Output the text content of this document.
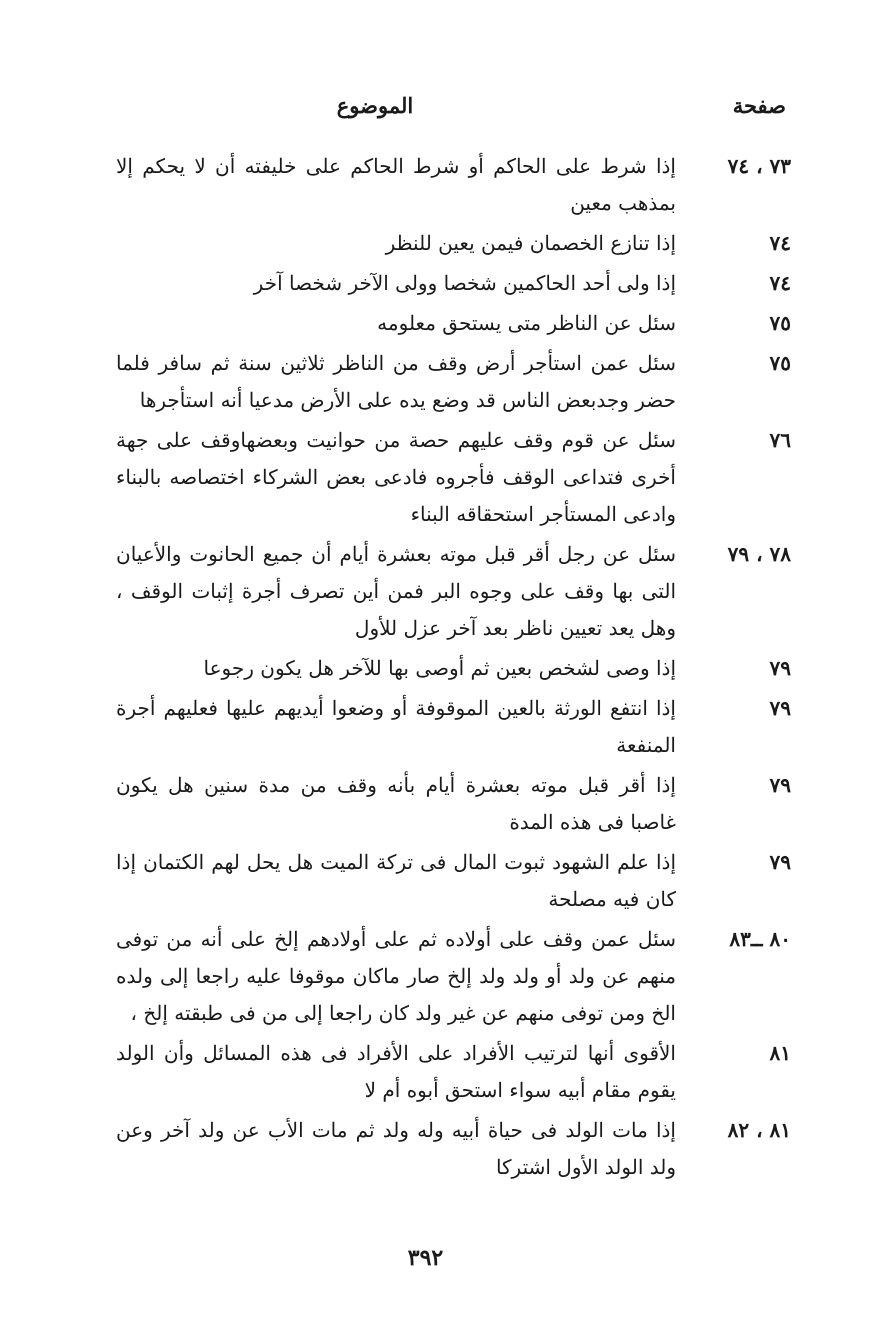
صفحة
الموضوع
٧٣ ، ٧٤
إذا شرط على الحاكم أو شرط الحاكم على خليفته أن لا يحكم إلا بمذهب معين
٧٤
إذا تنازع الخصمان فيمن يعين للنظر
٧٤
إذا ولى أحد الحاكمين شخصا وولى الآخر شخصا آخر
٧٥
سئل عن الناظر متى يستحق معلومه
٧٥
سئل عمن استأجر أرض وقف من الناظر ثلاثين سنة ثم سافر فلما حضر وجدبعض الناس قد وضع يده على الأرض مدعيا أنه استأجرها
٧٦
سئل عن قوم وقف عليهم حصة من حوانيت وبعضهاوقف على جهة أخرى فتداعى الوقف فأجروه فادعى بعض الشركاء اختصاصه بالبناء وادعى المستأجر استحقاقه البناء
٧٨ ، ٧٩
سئل عن رجل أقر قبل موته بعشرة أيام أن جميع الحانوت والأعيان التى بها وقف على وجوه البر فمن أين تصرف أجرة إثبات الوقف ، وهل يعد تعيين ناظر بعد آخر عزل للأول
٧٩
إذا وصى لشخص بعين ثم أوصى بها للآخر هل يكون رجوعا
٧٩
إذا انتفع الورثة بالعين الموقوفة أو وضعوا أيديهم عليها فعليهم أجرة المنفعة
٧٩
إذا أقر قبل موته بعشرة أيام بأنه وقف من مدة سنين هل يكون غاصبا فى هذه المدة
٧٩
إذا علم الشهود ثبوت المال فى تركة الميت هل يحل لهم الكتمان إذا كان فيه مصلحة
٨٠ ــ٨٣
سئل عمن وقف على أولاده ثم على أولادهم إلخ على أنه من توفى منهم عن ولد أو ولد ولد إلخ صار ماكان موقوفا عليه راجعا إلى ولده الخ ومن توفى منهم عن غير ولد كان راجعا إلى من فى طبقته إلخ ،
٨١
الأقوى أنها لترتيب الأفراد على الأفراد فى هذه المسائل وأن الولد يقوم مقام أبيه سواء استحق أبوه أم لا
٨١ ، ٨٢
إذا مات الولد فى حياة أبيه وله ولد ثم مات الأب عن ولد آخر وعن ولد الولد الأول اشتركا
٣٩٢
